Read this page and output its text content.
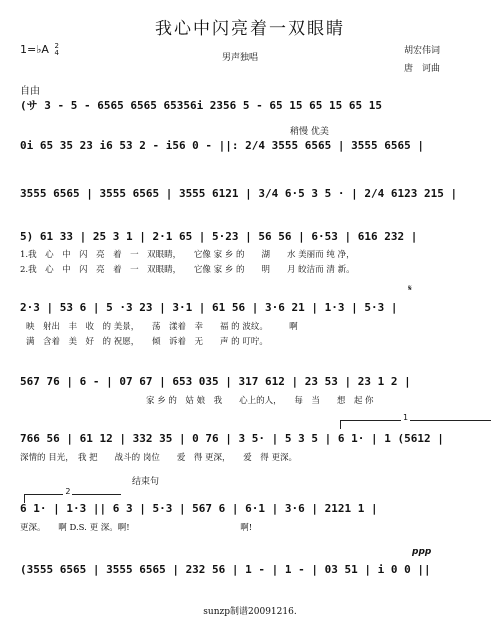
我心中闪亮着一双眼睛
1=♭A 2
4	男声独唱
胡宏伟词
唐　诃曲
自由
(サ 3 - 5 - 6565 6565 65356i 2356 5 - 65 15 65 15 65 15
稍慢 优美
0i 65 35 23 i6 53 2 - i56 0 - ||: 2/4 3555 6565 | 3555 6565 |
3555 6565 | 3555 6565 | 3555 6121 | 3/4 6·5 3 5 · | 2/4 6123 215 |
5) 61 33 | 25 3 1 | 2·1 65 | 5·23 | 56 56 | 6·53 | 616 232 |
1.我　心　中　闪　亮　着　一　双眼睛，　　它像 家 乡 的　　湖　　水 美丽而 纯 净，
2.我　心　中　闪　亮　着　一　双眼睛，　　它像 家 乡 的　　明　　月 皎洁而 清 新。
𝄋
2·3 | 53 6 | 5 ·3 23 | 3·1 | 61 56 | 3·6 21 | 1·3 | 5·3 |
映　射出　丰　收　的 美景，　　荡　漾着　幸　　福 的 波纹。　　　啊
满　含着　美　好　的 祝愿，　　倾　诉着　无　　声 的 叮咛。
567 76 | 6 - | 07 67 | 653 035 | 317 612 | 23 53 | 23 1 2 |
家 乡 的　姑 娘　我　　心上的人，　　每　当　　想　起 你
1
766 56 | 61 12 | 332 35 | 0 76 | 3 5· | 5 3 5 | 6 1· | 1 (5612 |
深情的 目光，　我 把　　战斗的 岗位　　爱　得 更深，　　爱　得 更深。
结束句
2
6 1· | 1·3 || 6 3 | 5·3 | 567 6 | 6·1 | 3·6 | 2121 1 |
更深。　　啊 D.S. 更 深。啊!　　　　　　　　　　　　　啊!
ppp
(3555 6565 | 3555 6565 | 232 56 | 1 - | 1 - | 03 51 | i 0 0 ||
sunzp制谱20091216.
